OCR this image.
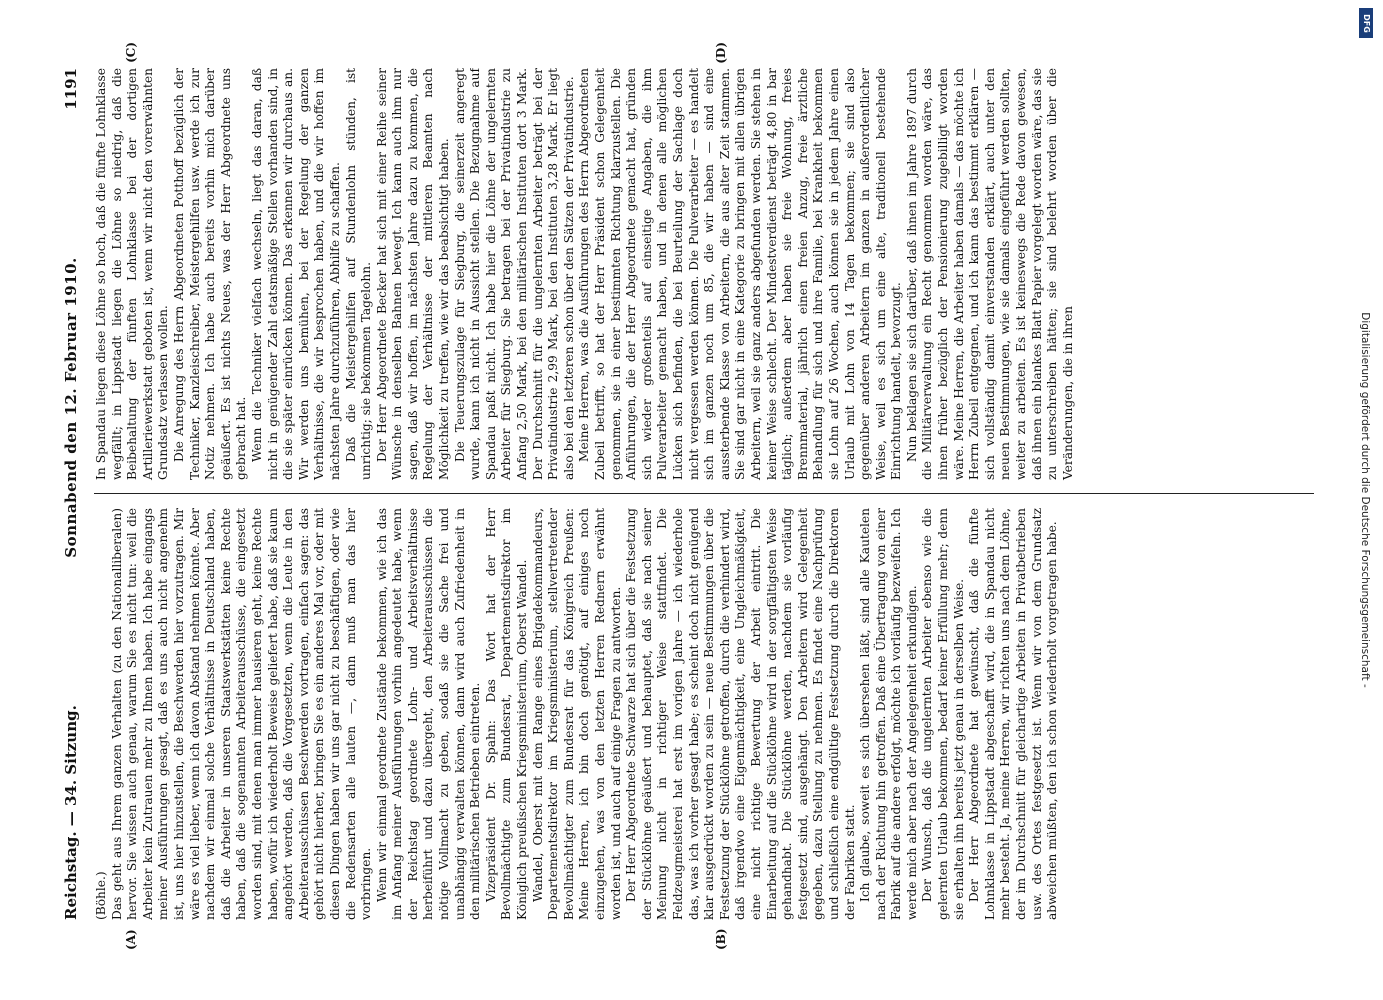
DFG
Digitalisierung gefördert durch die Deutsche Forschungsgemeinschaft -
Reichstag. — 34. Sitzung.
Sonnabend den 12. Februar 1910.
1191
(A)	(B)
(C)	(D)

(Böhle.) Das geht aus Ihrem ganzen Verhalten (zu den Nationalliberalen) hervor. Sie wissen auch genau, warum Sie es nicht tun: weil die Arbeiter kein Zutrauen mehr zu Ihnen haben. Ich habe eingangs meiner Ausführungen gesagt, daß es uns auch nicht angenehm ist, uns hier hinzustellen, die Beschwerden hier vorzutragen. Mir wäre es viel lieber, wenn ich davon Abstand nehmen könnte. Aber nachdem wir einmal solche Verhältnisse in Deutschland haben, daß die Arbeiter in unseren Staatswerkstätten keine Rechte haben, daß die sogenannten Arbeiterausschüsse, die eingesetzt worden sind, mit denen man immer hausieren geht, keine Rechte haben, wofür ich wiederholt Beweise geliefert habe, daß sie kaum angehört werden, daß die Vorgesetzten, wenn die Leute in den Arbeiterausschüssen Beschwerden vortragen, einfach sagen: das gehört nicht hierher, bringen Sie es ein anderes Mal vor, oder mit diesen Dingen haben wir uns gar nicht zu beschäftigen, oder wie die Redensarten alle lauten —, dann muß man das hier vorbringen. Wenn wir einmal geordnete Zustände bekommen, wie ich das im Anfang meiner Ausführungen vorhin angedeutet habe, wenn der Reichstag geordnete Lohn- und Arbeitsverhältnisse herbeiführt und dazu übergeht, den Arbeiterausschüssen die nötige Vollmacht zu geben, sodaß sie die Sache frei und unabhängig verwalten können, dann wird auch Zufriedenheit in den militärischen Betrieben eintreten. Vizepräsident Dr. Spahn: Das Wort hat der Herr Bevollmächtigte zum Bundesrat, Departementsdirektor im Königlich preußischen Kriegsministerium, Oberst Wandel. Wandel, Oberst mit dem Range eines Brigadekommandeurs, Departementsdirektor im Kriegsministerium, stellvertretender Bevollmächtigter zum Bundesrat für das Königreich Preußen: Meine Herren, ich bin doch genötigt, auf einiges noch einzugehen, was von den letzten Herren Rednern erwähnt worden ist, und auch auf einige Fragen zu antworten. Der Herr Abgeordnete Schwarze hat sich über die Festsetzung der Stücklöhne geäußert und behauptet, daß sie nach seiner Meinung nicht in richtiger Weise stattfindet. Die Feldzeugmeisterei hat erst im vorigen Jahre — ich wiederhole das, was ich vorher gesagt habe; es scheint doch nicht genügend klar ausgedrückt worden zu sein — neue Bestimmungen über die Festsetzung der Stücklöhne getroffen, durch die verhindert wird, daß irgendwo eine Eigenmächtigkeit, eine Ungleichmäßigkeit, eine nicht richtige Bewertung der Arbeit eintritt. Die Einarbeitung auf die Stücklöhne wird in der sorgfältigsten Weise gehandhabt. Die Stücklöhne werden, nachdem sie vorläufig festgesetzt sind, ausgehängt. Den Arbeitern wird Gelegenheit gegeben, dazu Stellung zu nehmen. Es findet eine Nachprüfung und schließlich eine endgültige Festsetzung durch die Direktoren der Fabriken statt. Ich glaube, soweit es sich übersehen läßt, sind alle Kautelen nach der Richtung hin getroffen. Daß eine Übertragung von einer Fabrik auf die andere erfolgt, möchte ich vorläufig bezweifeln. Ich werde mich aber nach der Angelegenheit erkundigen. Der Wunsch, daß die ungelernten Arbeiter ebenso wie die gelernten Urlaub bekommen, bedarf keiner Erfüllung mehr; denn sie erhalten ihn bereits jetzt genau in derselben Weise. Der Herr Abgeordnete hat gewünscht, daß die fünfte Lohnklasse in Lippstadt abgeschafft wird, die in Spandau nicht mehr besteht. Ja, meine Herren, wir richten uns nach dem Löhne, der im Durchschnitt für gleichartige Arbeiten in Privatbetrieben usw. des Ortes festgesetzt ist. Wenn wir von dem Grundsatz abweichen müßten, den ich schon wiederholt vorgetragen habe.

In Spandau liegen diese Löhne so hoch, daß die fünfte Lohnklasse wegfällt; in Lippstadt liegen die Löhne so niedrig, daß die Beibehaltung der fünften Lohnklasse bei der dortigen Artilleriewerkstatt geboten ist, wenn wir nicht den vorerwähnten Grundsatz verlassen wollen. Die Anregung des Herrn Abgeordneten Potthoff bezüglich der Techniker, Kanzleischreiber, Meistergehilfen usw. werde ich zur Notiz nehmen. Ich habe auch bereits vorhin mich darüber geäußert. Es ist nichts Neues, was der Herr Abgeordnete uns gebracht hat. Wenn die Techniker vielfach wechseln, liegt das daran, daß nicht in genügender Zahl etatsmäßige Stellen vorhanden sind, in die sie später einrücken können. Das erkennen wir durchaus an. Wir werden uns bemühen, bei der Regelung der ganzen Verhältnisse, die wir besprochen haben, und die wir hoffen im nächsten Jahre durchzuführen, Abhilfe zu schaffen. Daß die Meistergehilfen auf Stundenlohn stünden, ist unrichtig; sie bekommen Tagelohn. Der Herr Abgeordnete Becker hat sich mit einer Reihe seiner Wünsche in denselben Bahnen bewegt. Ich kann auch ihm nur sagen, daß wir hoffen, im nächsten Jahre dazu zu kommen, die Regelung der Verhältnisse der mittleren Beamten nach Möglichkeit zu treffen, wie wir das beabsichtigt haben. Die Teuerungszulage für Siegburg, die seinerzeit angeregt wurde, kann ich nicht in Aussicht stellen. Die Bezugnahme auf Spandau paßt nicht. Ich habe hier die Löhne der ungelernten Arbeiter für Siegburg. Sie betragen bei der Privatindustrie zu Anfang 2,50 Mark, bei den militärischen Instituten dort 3 Mark. Der Durchschnitt für die ungelernten Arbeiter beträgt bei der Privatindustrie 2,99 Mark, bei den Instituten 3,28 Mark. Er liegt also bei den letzteren schon über den Sätzen der Privatindustrie. Meine Herren, was die Ausführungen des Herrn Abgeordneten Zubeil betrifft, so hat der Herr Präsident schon Gelegenheit genommen, sie in einer bestimmten Richtung klarzustellen. Die Anführungen, die der Herr Abgeordnete gemacht hat, gründen sich wieder großenteils auf einseitige Angaben, die ihm Pulverarbeiter gemacht haben, und in denen alle möglichen Lücken sich befinden, die bei Beurteilung der Sachlage doch nicht vergessen werden können. Die Pulverarbeiter — es handelt sich im ganzen noch um 85, die wir haben — sind eine aussterbende Klasse von Arbeitern, die aus alter Zeit stammen. Sie sind gar nicht in eine Kategorie zu bringen mit allen übrigen Arbeitern, weil sie ganz anders abgefunden werden. Sie stehen in keiner Weise schlecht. Der Mindestverdienst beträgt 4,80 in bar täglich; außerdem aber haben sie freie Wohnung, freies Brennmaterial, jährlich einen freien Anzug, freie ärztliche Behandlung für sich und ihre Familie, bei Krankheit bekommen sie Lohn auf 26 Wochen, auch können sie in jedem Jahre einen Urlaub mit Lohn von 14 Tagen bekommen; sie sind also gegenüber anderen Arbeitern im ganzen in außerordentlicher Weise, weil es sich um eine alte, traditionell bestehende Einrichtung handelt, bevorzugt. Nun beklagen sie sich darüber, daß ihnen im Jahre 1897 durch die Militärverwaltung ein Recht genommen worden wäre, das ihnen früher bezüglich der Pensionierung zugebilligt worden wäre. Meine Herren, die Arbeiter haben damals — das möchte ich Herrn Zubeil entgegnen, und ich kann das bestimmt erklären — sich vollständig damit einverstanden erklärt, auch unter den neuen Bestimmungen, wie sie damals eingeführt werden sollten, weiter zu arbeiten. Es ist keineswegs die Rede davon gewesen, daß ihnen ein blankes Blatt Papier vorgelegt worden wäre, das sie zu unterschreiben hätten; sie sind belehrt worden über die Veränderungen, die in ihren
